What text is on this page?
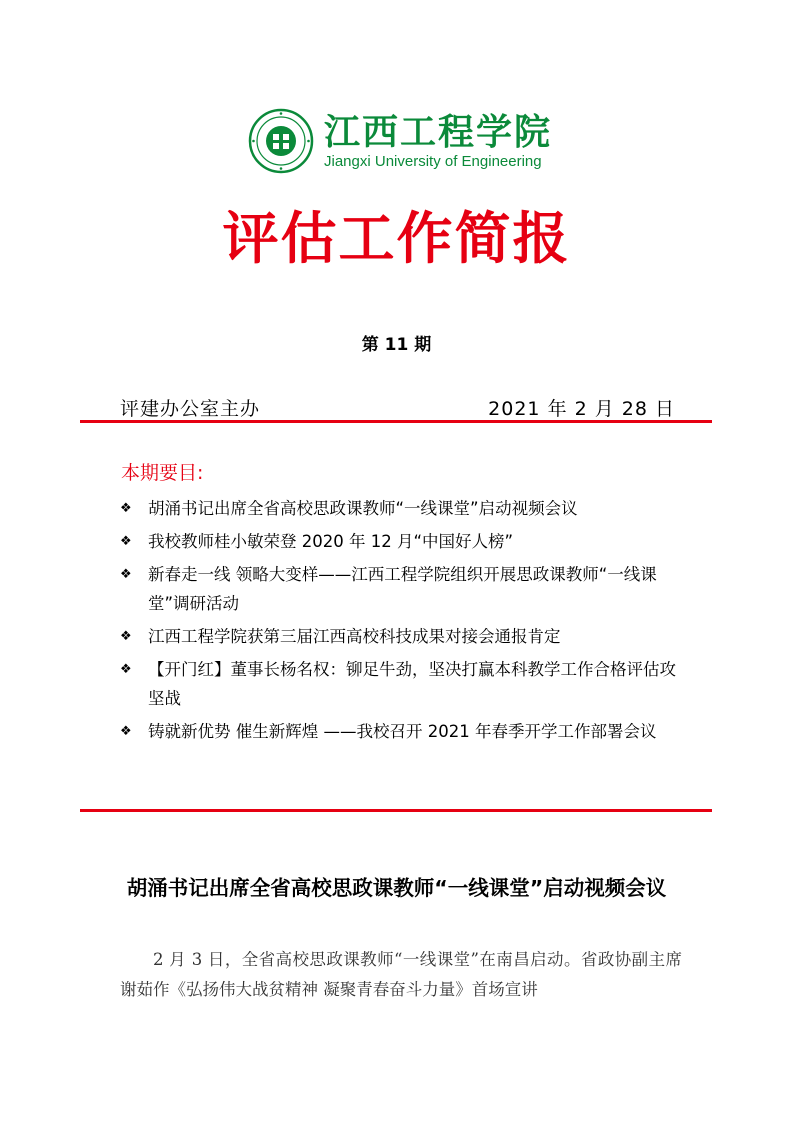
江西工程学院
Jiangxi University of Engineering
评估工作简报
第 11 期
评建办公室主办	2021 年 2 月 28 日
本期要目:
❖ 胡涌书记出席全省高校思政课教师“一线课堂”启动视频会议
❖ 我校教师桂小敏荣登 2020 年 12 月“中国好人榜”
❖ 新春走一线 领略大变样——江西工程学院组织开展思政课教师“一线课堂”调研活动
❖ 江西工程学院获第三届江西高校科技成果对接会通报肯定
❖ 【开门红】董事长杨名权：铆足牛劲，坚决打赢本科教学工作合格评估攻坚战
❖ 铸就新优势 催生新辉煌 ——我校召开 2021 年春季开学工作部署会议
胡涌书记出席全省高校思政课教师“一线课堂”启动视频会议

2 月 3 日，全省高校思政课教师“一线课堂”在南昌启动。省政协副主席谢茹作《弘扬伟大战贫精神 凝聚青春奋斗力量》首场宣讲
